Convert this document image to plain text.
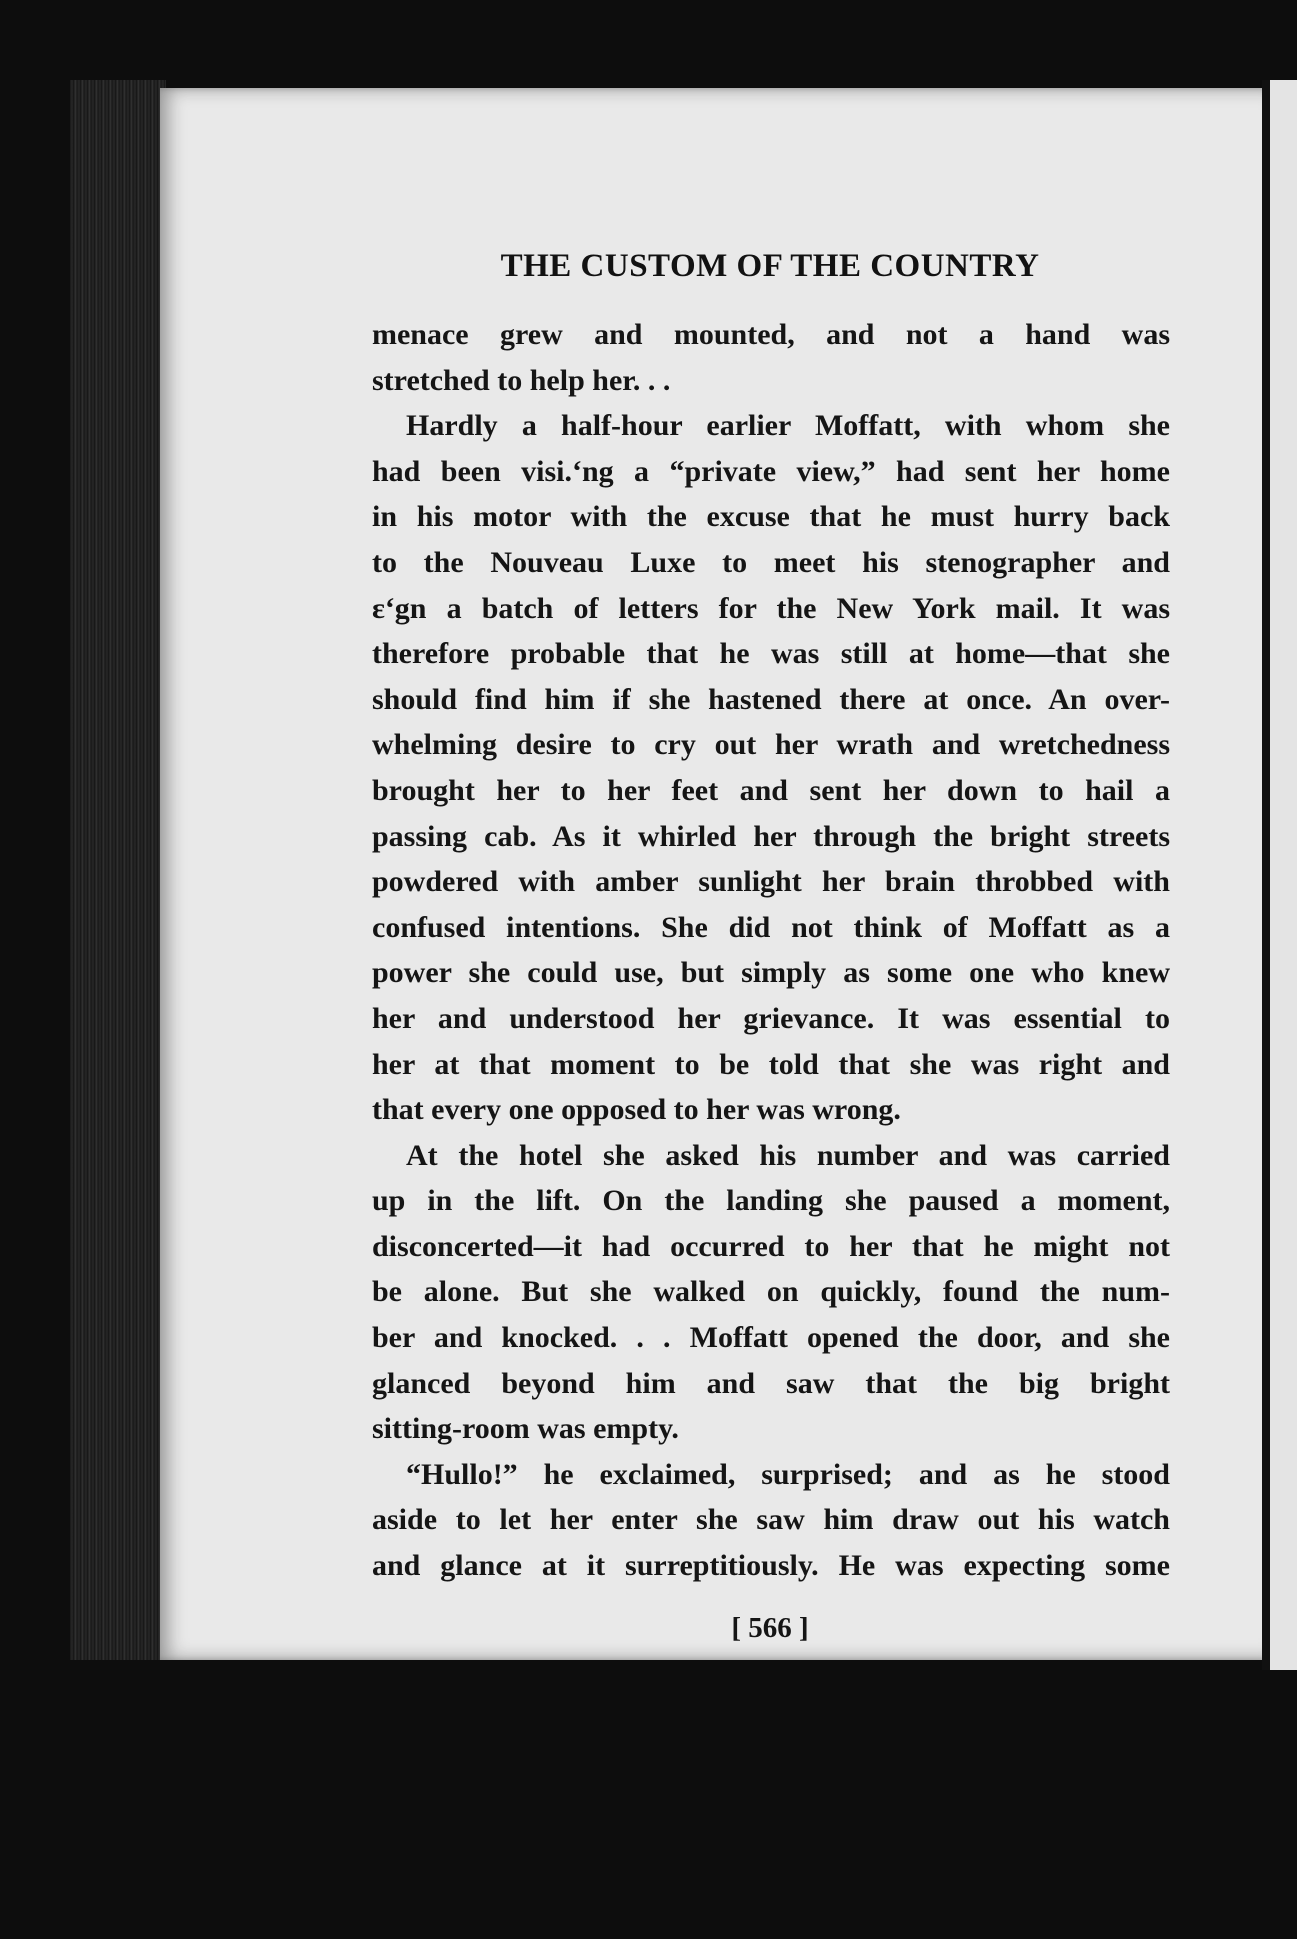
THE CUSTOM OF THE COUNTRY
menace grew and mounted, and not a hand was
stretched to help her. . .
Hardly a half-hour earlier Moffatt, with whom she
had been visi.ʻng a “private view,” had sent her home
in his motor with the excuse that he must hurry back
to the Nouveau Luxe to meet his stenographer and
ɛʻgn a batch of letters for the New York mail. It was
therefore probable that he was still at home—that she
should find him if she hastened there at once. An over-
whelming desire to cry out her wrath and wretchedness
brought her to her feet and sent her down to hail a
passing cab. As it whirled her through the bright streets
powdered with amber sunlight her brain throbbed with
confused intentions. She did not think of Moffatt as a
power she could use, but simply as some one who knew
her and understood her grievance. It was essential to
her at that moment to be told that she was right and
that every one opposed to her was wrong.
At the hotel she asked his number and was carried
up in the lift. On the landing she paused a moment,
disconcerted—it had occurred to her that he might not
be alone. But she walked on quickly, found the num-
ber and knocked. . . Moffatt opened the door, and she
glanced beyond him and saw that the big bright
sitting-room was empty.
“Hullo!” he exclaimed, surprised; and as he stood
aside to let her enter she saw him draw out his watch
and glance at it surreptitiously. He was expecting some
[ 566 ]
